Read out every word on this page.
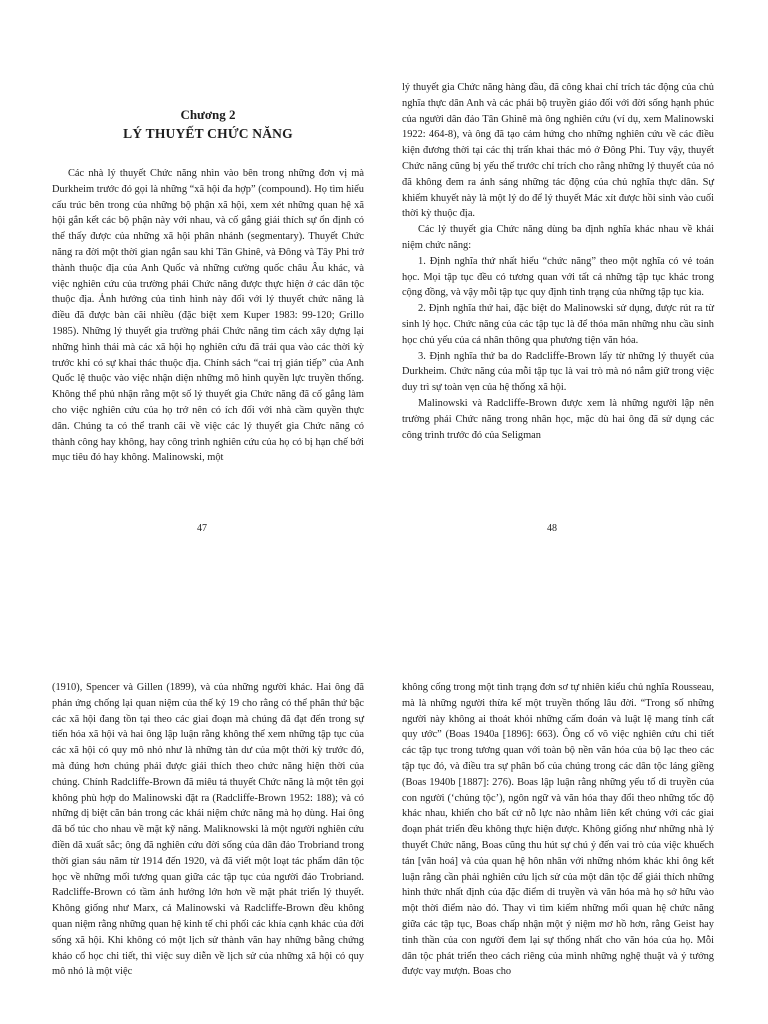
Chương 2
LÝ THUYẾT CHỨC NĂNG

Các nhà lý thuyết Chức năng nhìn vào bên trong những đơn vị mà Durkheim trước đó gọi là những “xã hội đa hợp” (compound). Họ tìm hiểu cấu trúc bên trong của những bộ phận xã hội, xem xét những quan hệ xã hội gắn kết các bộ phận này với nhau, và cố gắng giải thích sự ổn định có thể thấy được của những xã hội phân nhánh (segmentary). Thuyết Chức năng ra đời một thời gian ngắn sau khi Tân Ghinê, và Đông và Tây Phi trở thành thuộc địa của Anh Quốc và những cường quốc châu Âu khác, và việc nghiên cứu của trường phái Chức năng được thực hiện ở các dân tộc thuộc địa. Ảnh hưởng của tình hình này đối với lý thuyết chức năng là điều đã được bàn cãi nhiều (đặc biệt xem Kuper 1983: 99-120; Grillo 1985). Những lý thuyết gia trường phái Chức năng tìm cách xây dựng lại những hình thái mà các xã hội họ nghiên cứu đã trải qua vào các thời kỳ trước khi có sự khai thác thuộc địa. Chính sách “cai trị gián tiếp” của Anh Quốc lệ thuộc vào việc nhận diện những mô hình quyền lực truyền thống. Không thể phủ nhận rằng một số lý thuyết gia Chức năng đã cố gắng làm cho việc nghiên cứu của họ trở nên có ích đối với nhà cầm quyền thực dân. Chúng ta có thể tranh cãi về việc các lý thuyết gia Chức năng có thành công hay không, hay công trình nghiên cứu của họ có bị hạn chế bởi mục tiêu đó hay không. Malinowski, một

lý thuyết gia Chức năng hàng đầu, đã công khai chỉ trích tác động của chủ nghĩa thực dân Anh và các phái bộ truyền giáo đối với đời sống hạnh phúc của người dân đảo Tân Ghinê mà ông nghiên cứu (ví dụ, xem Malinowski 1922: 464-8), và ông đã tạo cảm hứng cho những nghiên cứu về các điều kiện đương thời tại các thị trấn khai thác mỏ ở Đông Phi. Tuy vậy, thuyết Chức năng cũng bị yếu thế trước chỉ trích cho rằng những lý thuyết của nó đã không đem ra ánh sáng những tác động của chủ nghĩa thực dân. Sự khiếm khuyết này là một lý do để lý thuyết Mác xít được hồi sinh vào cuối thời kỳ thuộc địa.

Các lý thuyết gia Chức năng dùng ba định nghĩa khác nhau về khái niệm chức năng:

1. Định nghĩa thứ nhất hiểu “chức năng” theo một nghĩa có vẻ toán học. Mọi tập tục đều có tương quan với tất cả những tập tục khác trong cộng đồng, và vậy mỗi tập tục quy định tình trạng của những tập tục kia.

2. Định nghĩa thứ hai, đặc biệt do Malinowski sử dụng, được rút ra từ sinh lý học. Chức năng của các tập tục là để thỏa mãn những nhu cầu sinh học chủ yếu của cá nhân thông qua phương tiện văn hóa.

3. Định nghĩa thứ ba do Radcliffe-Brown lấy từ những lý thuyết của Durkheim. Chức năng của mỗi tập tục là vai trò mà nó nắm giữ trong việc duy trì sự toàn vẹn của hệ thống xã hội.

Malinowski và Radcliffe-Brown được xem là những người lập nên trường phái Chức năng trong nhân học, mặc dù hai ông đã sử dụng các công trình trước đó của Seligman

47	48

(1910), Spencer và Gillen (1899), và của những người khác. Hai ông đã phản ứng chống lại quan niệm của thế kỷ 19 cho rằng có thể phân thứ bậc các xã hội đang tồn tại theo các giai đoạn mà chúng đã đạt đến trong sự tiến hóa xã hội và hai ông lập luận rằng không thể xem những tập tục của các xã hội có quy mô nhỏ như là những tàn dư của một thời kỳ trước đó, mà đúng hơn chúng phải được giải thích theo chức năng hiện thời của chúng. Chính Radcliffe-Brown đã miêu tả thuyết Chức năng là một tên gọi không phù hợp do Malinowski đặt ra (Radcliffe-Brown 1952: 188); và có những dị biệt căn bản trong các khái niệm chức năng mà họ dùng. Hai ông đã bổ túc cho nhau về mặt kỹ năng. Maliknowski là một người nghiên cứu điền dã xuất sắc; ông đã nghiên cứu đời sống của dân đảo Trobriand trong thời gian sáu năm từ 1914 đến 1920, và đã viết một loạt tác phẩm dân tộc học về những mối tương quan giữa các tập tục của người đảo Trobriand. Radcliffe-Brown có tầm ảnh hưởng lớn hơn về mặt phát triển lý thuyết. Không giống như Marx, cả Malinowski và Radcliffe-Brown đều không quan niệm rằng những quan hệ kinh tế chi phối các khía cạnh khác của đời sống xã hội. Khi không có một lịch sử thành văn hay những bằng chứng khảo cổ học chi tiết, thì việc suy diễn về lịch sử của những xã hội có quy mô nhỏ là một việc

không cống trong một tình trạng đơn sơ tự nhiên kiểu chủ nghĩa Rousseau, mà là những người thừa kế một truyền thống lâu đời. “Trong số những người này không ai thoát khỏi những cấm đoán và luật lệ mang tính cất quy ước” (Boas 1940a [1896]: 663). Ông cổ võ việc nghiên cứu chi tiết các tập tục trong tương quan với toàn bộ nền văn hóa của bộ lạc theo các tập tục đó, và điều tra sự phân bố của chúng trong các dân tộc láng giềng (Boas 1940b [1887]: 276). Boas lập luận rằng những yếu tố di truyền của con người (‘chủng tộc’), ngôn ngữ và văn hóa thay đổi theo những tốc độ khác nhau, khiến cho bất cứ nỗ lực nào nhằm liên kết chúng với các giai đoạn phát triển đều không thực hiện được. Không giống như những nhà lý thuyết Chức năng, Boas cũng thu hút sự chú ý đến vai trò của việc khuếch tán [văn hoá] và của quan hệ hôn nhân với những nhóm khác khi ông kết luận rằng cần phải nghiên cứu lịch sử của một dân tộc để giải thích những hình thức nhất định của đặc điểm di truyền và văn hóa mà họ sở hữu vào một thời điểm nào đó. Thay vì tìm kiếm những mối quan hệ chức năng giữa các tập tục, Boas chấp nhận một ý niệm mơ hồ hơn, rằng Geist hay tinh thần của con người đem lại sự thống nhất cho văn hóa của họ. Mỗi dân tộc phát triển theo cách riêng của mình những nghệ thuật và ý tưởng được vay mượn. Boas cho
